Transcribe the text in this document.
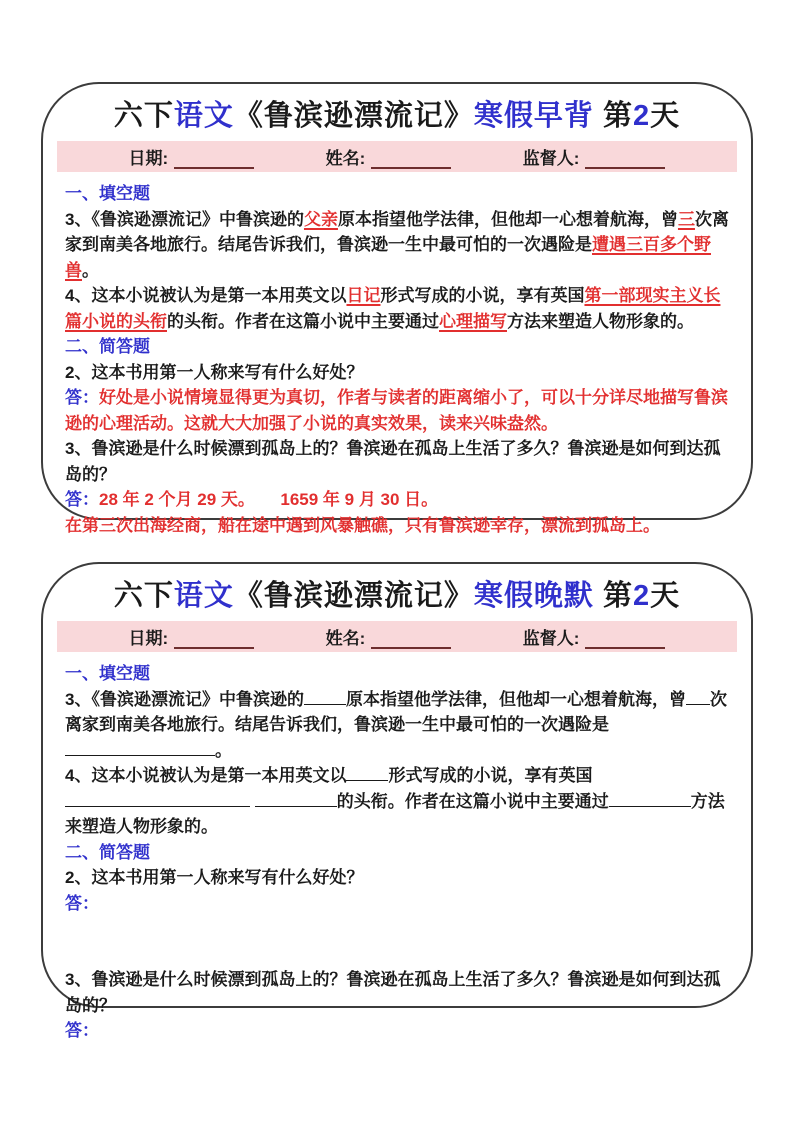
六下语文《鲁滨逊漂流记》寒假早背 第2天
日期:	姓名:	监督人:
一、填空题
3、《鲁滨逊漂流记》中鲁滨逊的父亲原本指望他学法律，但他却一心想着航海，曾三次离家到南美各地旅行。结尾告诉我们，鲁滨逊一生中最可怕的一次遇险是遭遇三百多个野兽。
4、这本小说被认为是第一本用英文以日记形式写成的小说，享有英国第一部现实主义长篇小说的头衔的头衔。作者在这篇小说中主要通过心理描写方法来塑造人物形象的。
二、简答题
2、这本书用第一人称来写有什么好处？
答：好处是小说情境显得更为真切，作者与读者的距离缩小了，可以十分详尽地描写鲁滨逊的心理活动。这就大大加强了小说的真实效果，读来兴味盎然。
3、鲁滨逊是什么时候漂到孤岛上的？鲁滨逊在孤岛上生活了多久？鲁滨逊是如何到达孤岛的？
答：28 年 2 个月 29 天。　　1659 年 9 月 30 日。
在第三次出海经商，船在途中遇到风暴触礁，只有鲁滨逊幸存，漂流到孤岛上。
六下语文《鲁滨逊漂流记》寒假晚默 第2天
日期:	姓名:	监督人:
一、填空题
3、《鲁滨逊漂流记》中鲁滨逊的 原本指望他学法律，但他却一心想着航海，曾 次离家到南美各地旅行。结尾告诉我们，鲁滨逊一生中最可怕的一次遇险是。
4、这本小说被认为是第一本用英文以 形式写成的小说，享有英国 的头衔。作者在这篇小说中主要通过	方法来塑造人物形象的。
二、简答题
2、这本书用第一人称来写有什么好处？
答：
3、鲁滨逊是什么时候漂到孤岛上的？鲁滨逊在孤岛上生活了多久？鲁滨逊是如何到达孤岛的？
答：
